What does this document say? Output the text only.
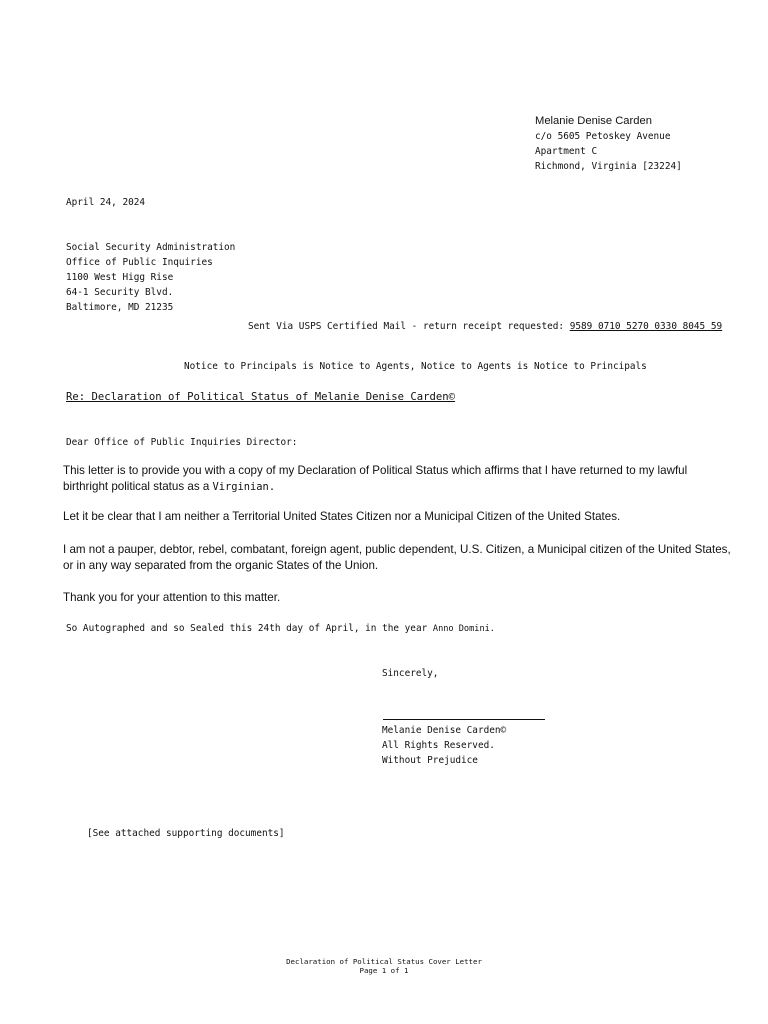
Melanie Denise Carden
c/o 5605 Petoskey Avenue
Apartment C
Richmond, Virginia [23224]
April 24, 2024
Social Security Administration
Office of Public Inquiries
1100 West Higg Rise
64-1 Security Blvd.
Baltimore, MD 21235
Sent Via USPS Certified Mail - return receipt requested: 9589 0710 5270 0330 8045 59
Notice to Principals is Notice to Agents, Notice to Agents is Notice to Principals
Re: Declaration of Political Status of Melanie Denise Carden©
Dear Office of Public Inquiries Director:
This letter is to provide you with a copy of my Declaration of Political Status which affirms that I have returned to my lawful
birthright political status as a Virginian.
Let it be clear that I am neither a Territorial United States Citizen nor a Municipal Citizen of the United States.
I am not a pauper, debtor, rebel, combatant, foreign agent, public dependent, U.S. Citizen, a Municipal citizen of the United States,
or in any way separated from the organic States of the Union.
Thank you for your attention to this matter.
So Autographed and so Sealed this 24th day of April, in the year Anno Domini.
Sincerely,
Melanie Denise Carden©
All Rights Reserved.
Without Prejudice
[See attached supporting documents]
Declaration of Political Status Cover Letter
Page 1 of 1
